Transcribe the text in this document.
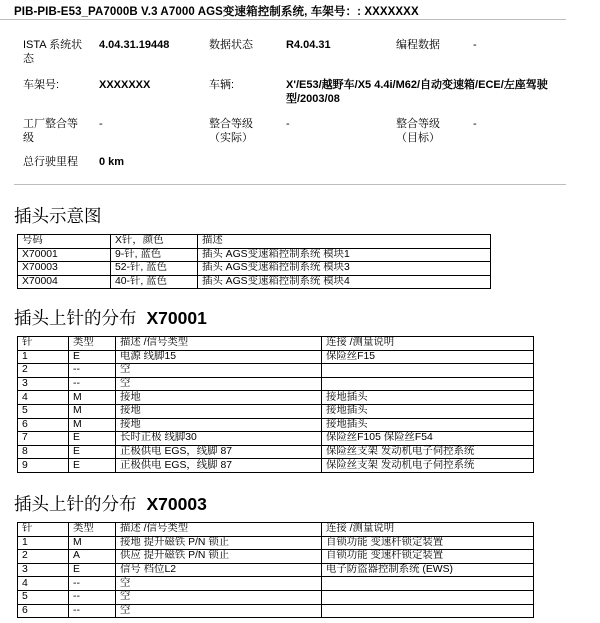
PIB-PIB-E53_PA7000B V.3 A7000 AGS变速箱控制系统, 车架号：: XXXXXXX
ISTA 系统状
态
4.04.31.19448	数据状态	R4.04.31	编程数据	-
车架号:	XXXXXXX	车辆:	X'/E53/越野车/X5 4.4i/M62/自动变速箱/ECE/左座驾驶型/2003/08
工厂整合等
级
-	整合等级
（实际）
-	整合等级
（目标）
-
总行驶里程 0 km
插头示意图
号码	X针，颜色	描述
X70001	9-针, 蓝色	插头 AGS变速箱控制系统 模块1
X70003	52-针, 蓝色	插头 AGS变速箱控制系统 模块3
X70004	40-针, 蓝色	插头 AGS变速箱控制系统 模块4
插头上针的分布 X70001
针	类型	描述 /信号类型	连接 /测量说明
1	E	电源 线脚15	保险丝F15
2	--	空	
3	--	空	
4	M	接地	接地插头
5	M	接地	接地插头
6	M	接地	接地插头
7	E	长时正极 线脚30	保险丝F105 保险丝F54
8	E	正极供电 EGS，线脚 87	保险丝支架 发动机电子伺控系统
9	E	正极供电 EGS，线脚 87	保险丝支架 发动机电子伺控系统
插头上针的分布 X70003
针	类型	描述 /信号类型	连接 /测量说明
1	M	接地 提升磁铁 P/N 锁止	自锁功能 变速杆锁定装置
2	A	供应 提升磁铁 P/N 锁止	自锁功能 变速杆锁定装置
3	E	信号 档位L2	电子防盗器控制系统 (EWS)
4	--	空	
5	--	空	
6	--	空	
